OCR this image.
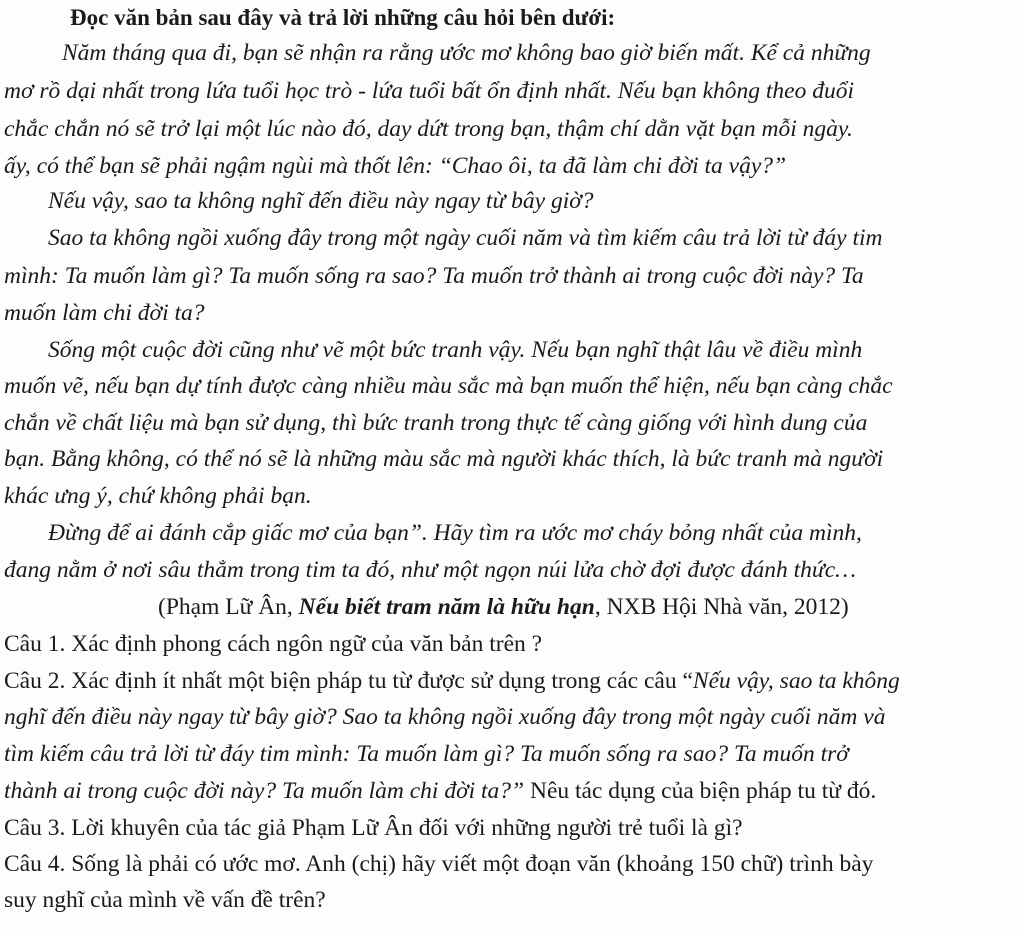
Đọc văn bản sau đây và trả lời những câu hỏi bên dưới:
Năm tháng qua đi, bạn sẽ nhận ra rằng ước mơ không bao giờ biến mất. Kể cả những
mơ rồ dại nhất trong lứa tuổi học trò - lứa tuổi bất ổn định nhất. Nếu bạn không theo đuổi
chắc chắn nó sẽ trở lại một lúc nào đó, day dứt trong bạn, thậm chí dằn vặt bạn mỗi ngày.
ấy, có thể bạn sẽ phải ngậm ngùi mà thốt lên: “Chao ôi, ta đã làm chi đời ta vậy?”
Nếu vậy, sao ta không nghĩ đến điều này ngay từ bây giờ?
Sao ta không ngồi xuống đây trong một ngày cuối năm và tìm kiếm câu trả lời từ đáy tim
mình: Ta muốn làm gì? Ta muốn sống ra sao? Ta muốn trở thành ai trong cuộc đời này? Ta
muốn làm chi đời ta?
Sống một cuộc đời cũng như vẽ một bức tranh vậy. Nếu bạn nghĩ thật lâu về điều mình
muốn vẽ, nếu bạn dự tính được càng nhiều màu sắc mà bạn muốn thể hiện, nếu bạn càng chắc
chắn về chất liệu mà bạn sử dụng, thì bức tranh trong thực tế càng giống với hình dung của
bạn. Bằng không, có thể nó sẽ là những màu sắc mà người khác thích, là bức tranh mà người
khác ưng ý, chứ không phải bạn.
Đừng để ai đánh cắp giấc mơ của bạn”. Hãy tìm ra ước mơ cháy bỏng nhất của mình,
đang nằm ở nơi sâu thẳm trong tim ta đó, như một ngọn núi lửa chờ đợi được đánh thức…
(Phạm Lữ Ân, Nếu biết tram năm là hữu hạn, NXB Hội Nhà văn, 2012)
Câu 1. Xác định phong cách ngôn ngữ của văn bản trên ?
Câu 2. Xác định ít nhất một biện pháp tu từ được sử dụng trong các câu “Nếu vậy, sao ta không
nghĩ đến điều này ngay từ bây giờ? Sao ta không ngồi xuống đây trong một ngày cuối năm và
tìm kiếm câu trả lời từ đáy tim mình: Ta muốn làm gì? Ta muốn sống ra sao? Ta muốn trở
thành ai trong cuộc đời này? Ta muốn làm chi đời ta?” Nêu tác dụng của biện pháp tu từ đó.
Câu 3. Lời khuyên của tác giả Phạm Lữ Ân đối với những người trẻ tuổi là gì?
Câu 4. Sống là phải có ước mơ. Anh (chị) hãy viết một đoạn văn (khoảng 150 chữ) trình bày
suy nghĩ của mình về vấn đề trên?
